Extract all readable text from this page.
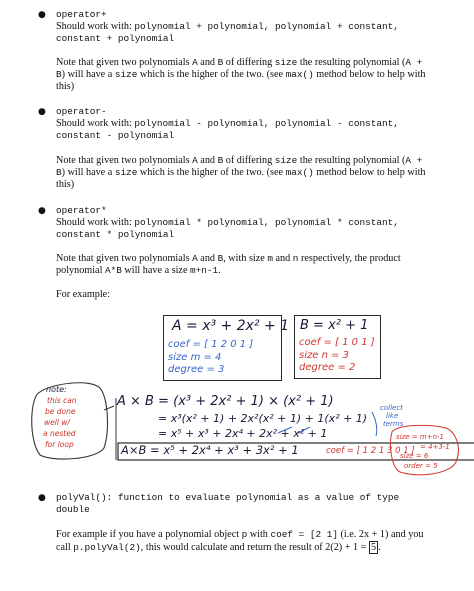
● operator+
Should work with: polynomial + polynomial, polynomial + constant,
constant + polynomial
Note that given two polynomials A and B of differing size the resulting polynomial (A +
B) will have a size which is the higher of the two. (see max() method below to help with
this)
● operator-
Should work with: polynomial - polynomial, polynomial - constant,
constant - polynomial
Note that given two polynomials A and B of differing size the resulting polynomial (A +
B) will have a size which is the higher of the two. (see max() method below to help with
this)
● operator*
Should work with: polynomial * polynomial, polynomial * constant,
constant * polynomial
Note that given two polynomials A and B, with size m and n respectively, the product
polynomial A*B will have a size m+n-1.
For example:
A = x³ + 2x² + 1
coef = [ 1 2 0 1 ]
size m = 4
degree = 3
B = x² + 1
coef = [ 1 0 1 ]
size n = 3
degree = 2
note:
this can
be done
well w/
a nested
for loop
A × B = (x³ + 2x² + 1) × (x² + 1)
= x³(x² + 1) + 2x²(x² + 1) + 1(x² + 1)
= x⁵ + x³ + 2x⁴ + 2x² + x² + 1
A×B = x⁵ + 2x⁴ + x³ + 3x² + 1	coef = [ 1 2 1 3 0 1 ]
collect
like
terms
size = m+n-1
= 4+3-1
size = 6
order = 5
● polyVal(): function to evaluate polynomial as a value of type
double
For example if you have a polynomial object p with coef = [2 1] (i.e. 2x + 1) and you
call p.polyVal(2), this would calculate and return the result of 2(2) + 1 = 5 .
